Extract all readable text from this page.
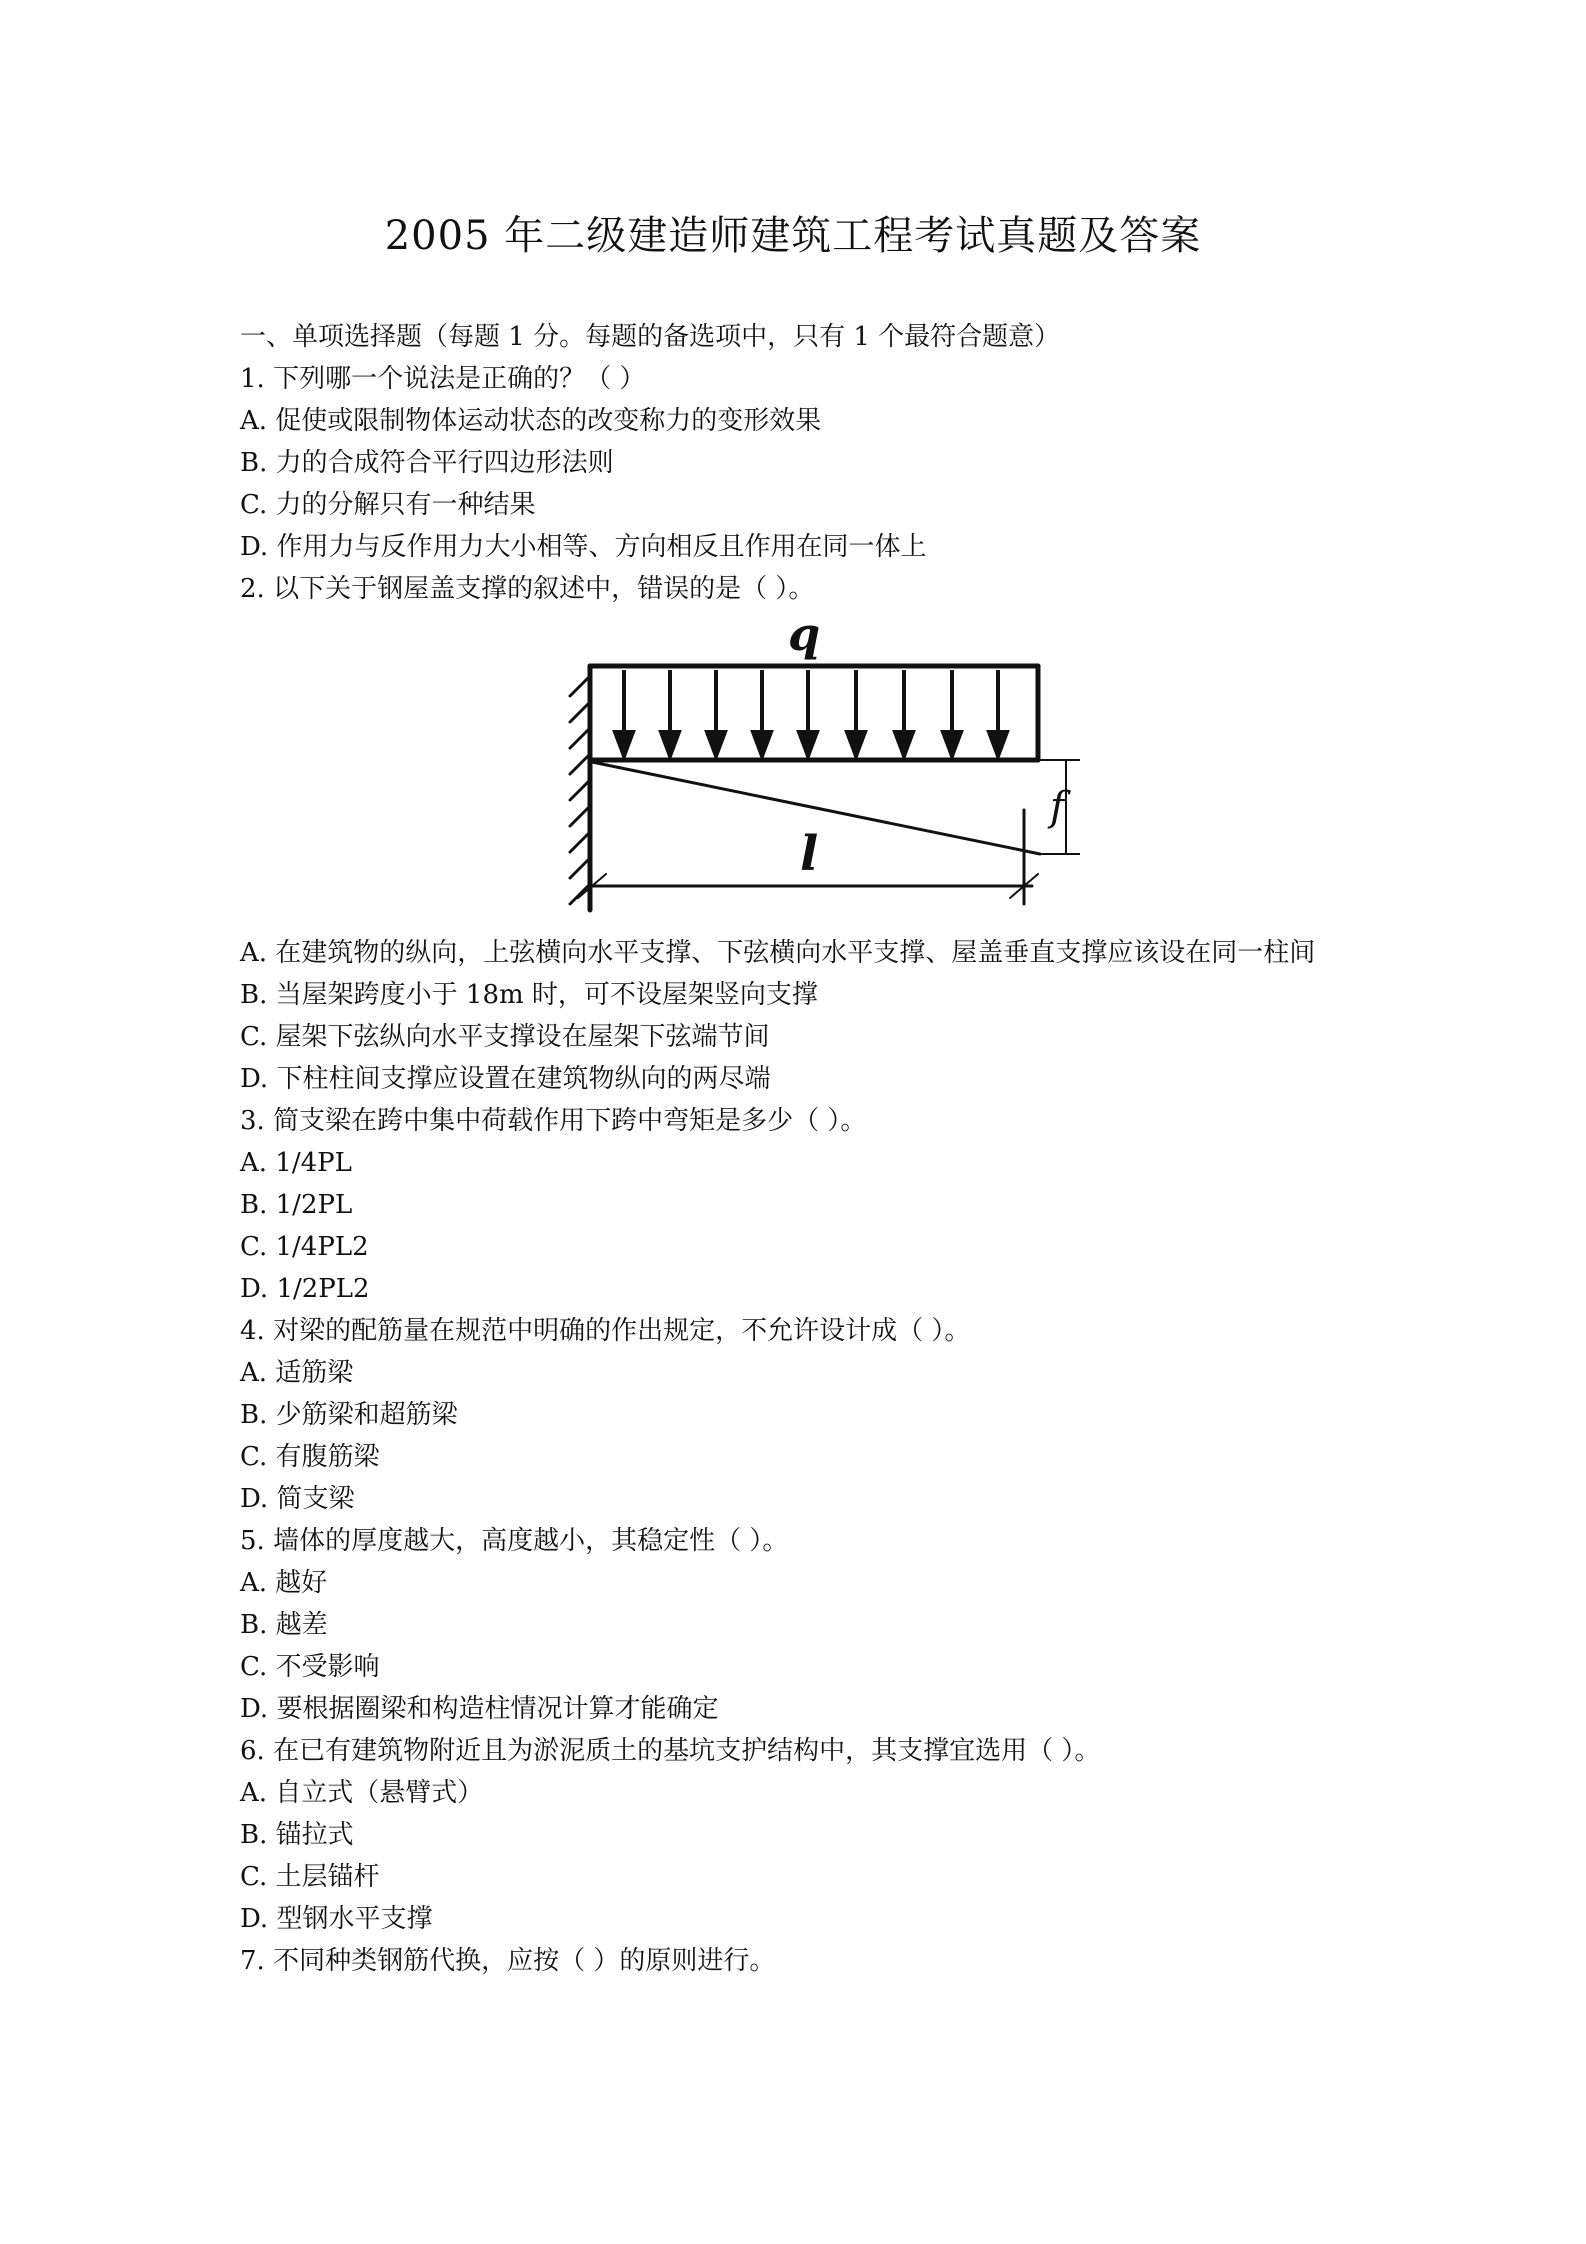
2005 年二级建造师建筑工程考试真题及答案
一、单项选择题（每题 1 分。每题的备选项中，只有 1 个最符合题意）
1. 下列哪一个说法是正确的？（ ）
A. 促使或限制物体运动状态的改变称力的变形效果
B. 力的合成符合平行四边形法则
C. 力的分解只有一种结果
D. 作用力与反作用力大小相等、方向相反且作用在同一体上
2. 以下关于钢屋盖支撑的叙述中，错误的是（ ）。
q
l
f
A. 在建筑物的纵向，上弦横向水平支撑、下弦横向水平支撑、屋盖垂直支撑应该设在同一柱间
B. 当屋架跨度小于 18m 时，可不设屋架竖向支撑
C. 屋架下弦纵向水平支撑设在屋架下弦端节间
D. 下柱柱间支撑应设置在建筑物纵向的两尽端
3. 简支梁在跨中集中荷载作用下跨中弯矩是多少（ ）。
A. 1/4PL
B. 1/2PL
C. 1/4PL2
D. 1/2PL2
4. 对梁的配筋量在规范中明确的作出规定，不允许设计成（ ）。
A. 适筋梁
B. 少筋梁和超筋梁
C. 有腹筋梁
D. 简支梁
5. 墙体的厚度越大，高度越小，其稳定性（ ）。
A. 越好
B. 越差
C. 不受影响
D. 要根据圈梁和构造柱情况计算才能确定
6. 在已有建筑物附近且为淤泥质土的基坑支护结构中，其支撑宜选用（ ）。
A. 自立式（悬臂式）
B. 锚拉式
C. 土层锚杆
D. 型钢水平支撑
7. 不同种类钢筋代换，应按（ ）的原则进行。
